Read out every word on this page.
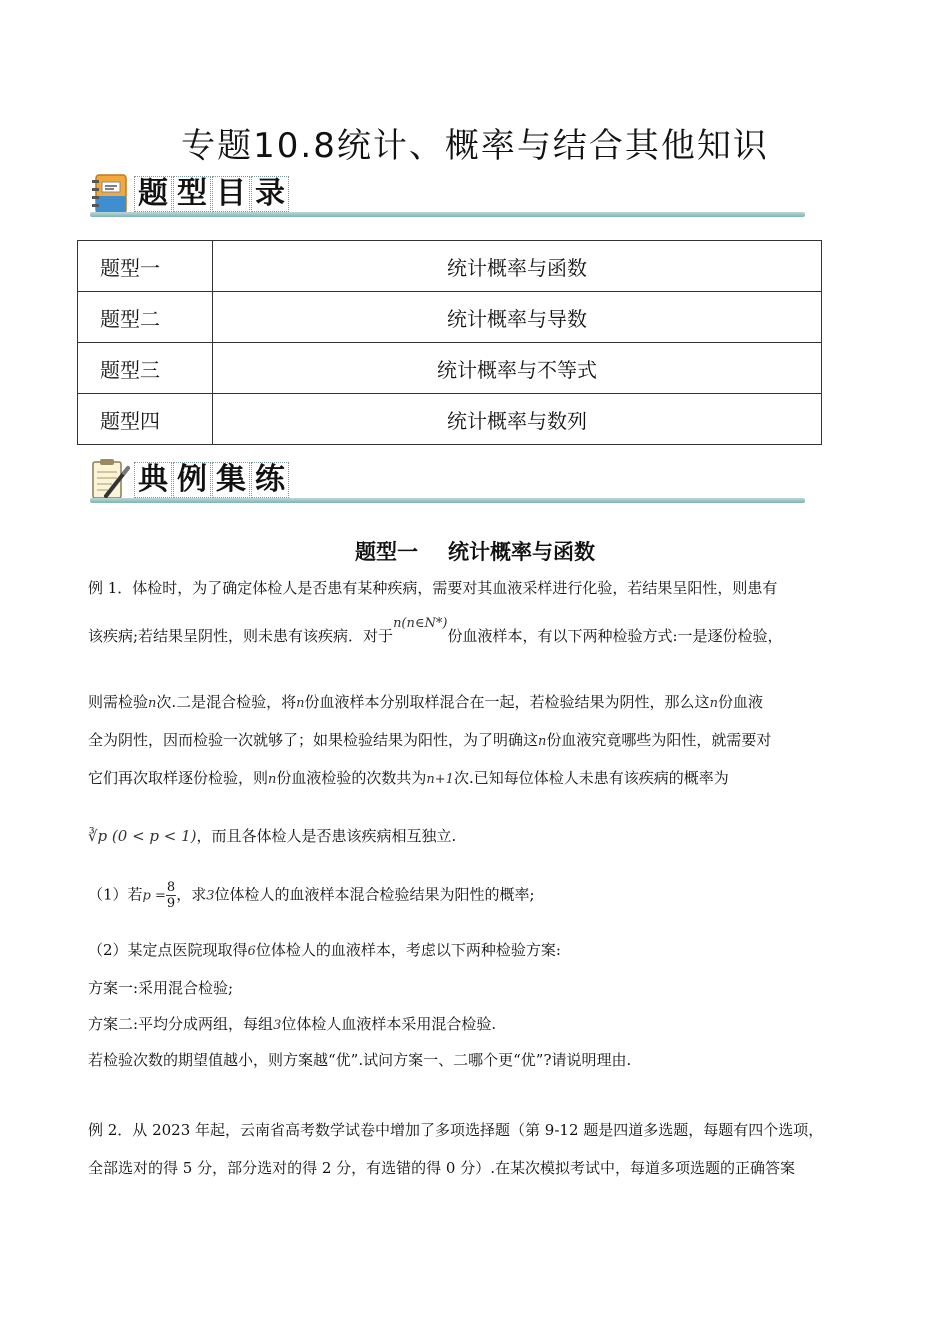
专题10.8统计、概率与结合其他知识
题 型 目 录
题型一	统计概率与函数
题型二	统计概率与导数
题型三	统计概率与不等式
题型四	统计概率与数列
典 例 集 练
题型一 统计概率与函数
例 1．体检时，为了确定体检人是否患有某种疾病，需要对其血液采样进行化验，若结果呈阳性，则患有
该疾病;若结果呈阴性，则未患有该疾病．对于n(n∈N*)份血液样本，有以下两种检验方式:一是逐份检验，
则需检验n次.二是混合检验，将n份血液样本分别取样混合在一起，若检验结果为阴性，那么这n份血液
全为阴性，因而检验一次就够了；如果检验结果为阳性，为了明确这n份血液究竟哪些为阳性，就需要对
它们再次取样逐份检验，则n份血液检验的次数共为n+1次.已知每位体检人未患有该疾病的概率为
∛p (0 < p < 1)，而且各体检人是否患该疾病相互独立.
（1）若$p = \frac{8}{9}$ ，求3位体检人的血液样本混合检验结果为阳性的概率;
（2）某定点医院现取得6位体检人的血液样本，考虑以下两种检验方案:
方案一:采用混合检验;
方案二:平均分成两组，每组3位体检人血液样本采用混合检验.
若检验次数的期望值越小，则方案越“优”.试问方案一、二哪个更“优”?请说明理由.
例 2．从 2023 年起，云南省高考数学试卷中增加了多项选择题（第 9-12 题是四道多选题，每题有四个选项，
全部选对的得 5 分，部分选对的得 2 分，有选错的得 0 分）.在某次模拟考试中，每道多项选题的正确答案
